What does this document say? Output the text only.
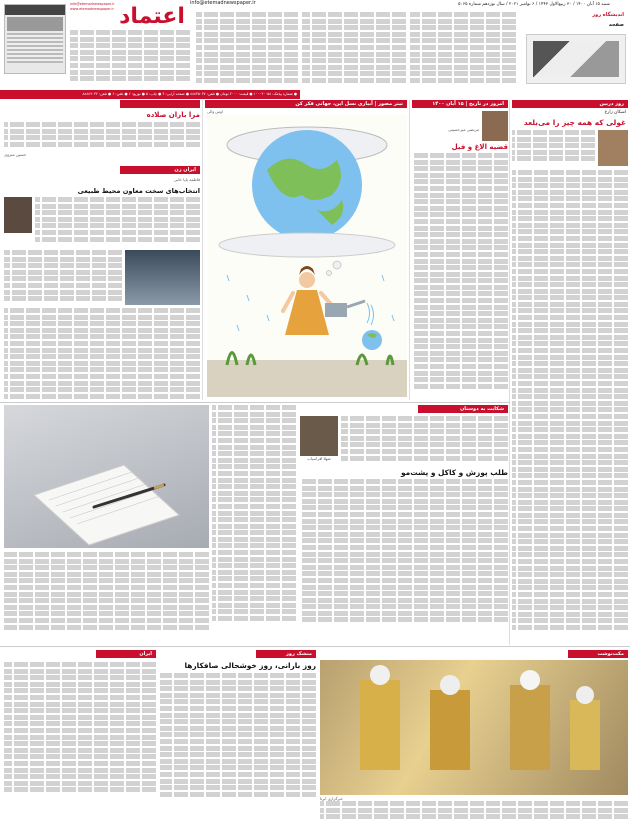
شنبه ۱۵ آبان ۱۴۰۰ / ۳۰ ربیع‌الاول ۱۴۴۳ / ۶ نوامبر ۲۰۲۱ / سال نوزدهم شماره ۵۰۶۵
info@etemadnewspaper.ir
اندیشگاه روز
صفحه
اعتماد
info@etemadnewspaper.ir
www.etemadnewspaper.ir
● شماره پیامک: ۱۰۰۰۲۰۰۵۸ ● قیمت: ۲۰۰۰ تومان ● تلفن: ۸۸۸۳۵۰۳۷ ● صفحه آرایی: ۴ ● چاپ: ۵ ● توزیع: ۶ ● تلفن: ۶ ● تلفن: ۸۸۸۸۹۰۳۲
روز دربین
اشکان زارع
غولی که همه چیز را می‌بلعد
امروز در تاریخ | ۱۵ آبان ۱۴۰۰
مرتضی میرحسینی
قضیه الاغ و فیل
تیتر مصور | آبیاری نسل این، جهانی فکر کن
اوس والی

مرا باران صلاده
حسین منزوی
ایران زن
فاطمه پاپا خانی
انتخاب‌های سخت معاون محیط طبیعی
شکایت به دوستان
شهلا افراسیاب
طلب پوزش و کاکل و پشت‌مو
مکث‌نوشت
خبرگزاری ایرنا
منشک روز
روز بارانی، روز خوشحالی صافکارها
ایران
